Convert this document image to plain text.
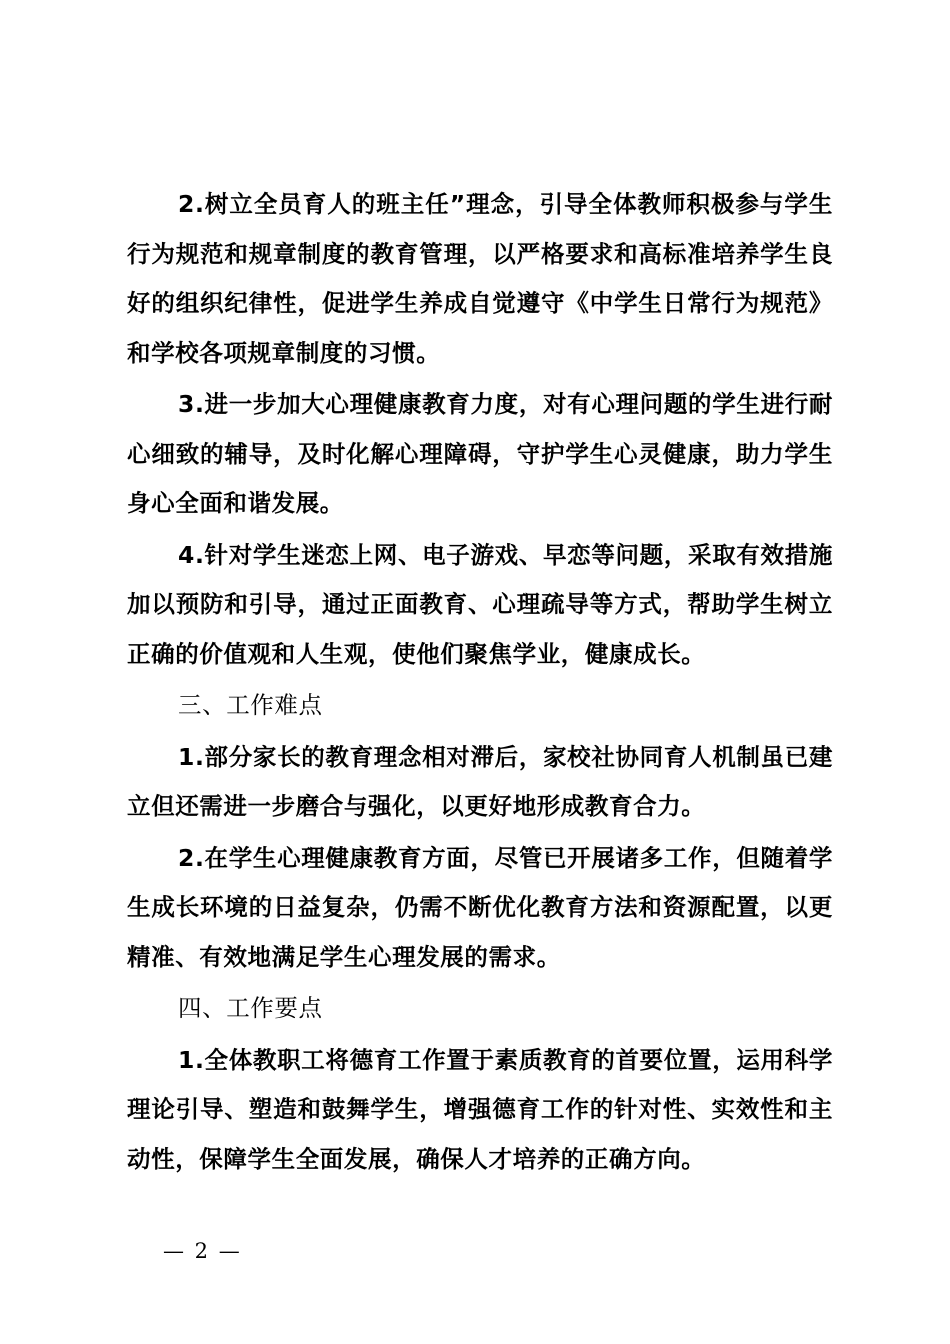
2.树立全员育人的班主任”理念，引导全体教师积极参与学生行为规范和规章制度的教育管理，以严格要求和高标准培养学生良好的组织纪律性，促进学生养成自觉遵守《中学生日常行为规范》和学校各项规章制度的习惯。

3.进一步加大心理健康教育力度，对有心理问题的学生进行耐心细致的辅导，及时化解心理障碍，守护学生心灵健康，助力学生身心全面和谐发展。

4.针对学生迷恋上网、电子游戏、早恋等问题，采取有效措施加以预防和引导，通过正面教育、心理疏导等方式，帮助学生树立正确的价值观和人生观，使他们聚焦学业，健康成长。

三、工作难点

1.部分家长的教育理念相对滞后，家校社协同育人机制虽已建立但还需进一步磨合与强化，以更好地形成教育合力。

2.在学生心理健康教育方面，尽管已开展诸多工作，但随着学生成长环境的日益复杂，仍需不断优化教育方法和资源配置，以更精准、有效地满足学生心理发展的需求。

四、工作要点

1.全体教职工将德育工作置于素质教育的首要位置，运用科学理论引导、塑造和鼓舞学生，增强德育工作的针对性、实效性和主动性，保障学生全面发展，确保人才培养的正确方向。

— 2 —
